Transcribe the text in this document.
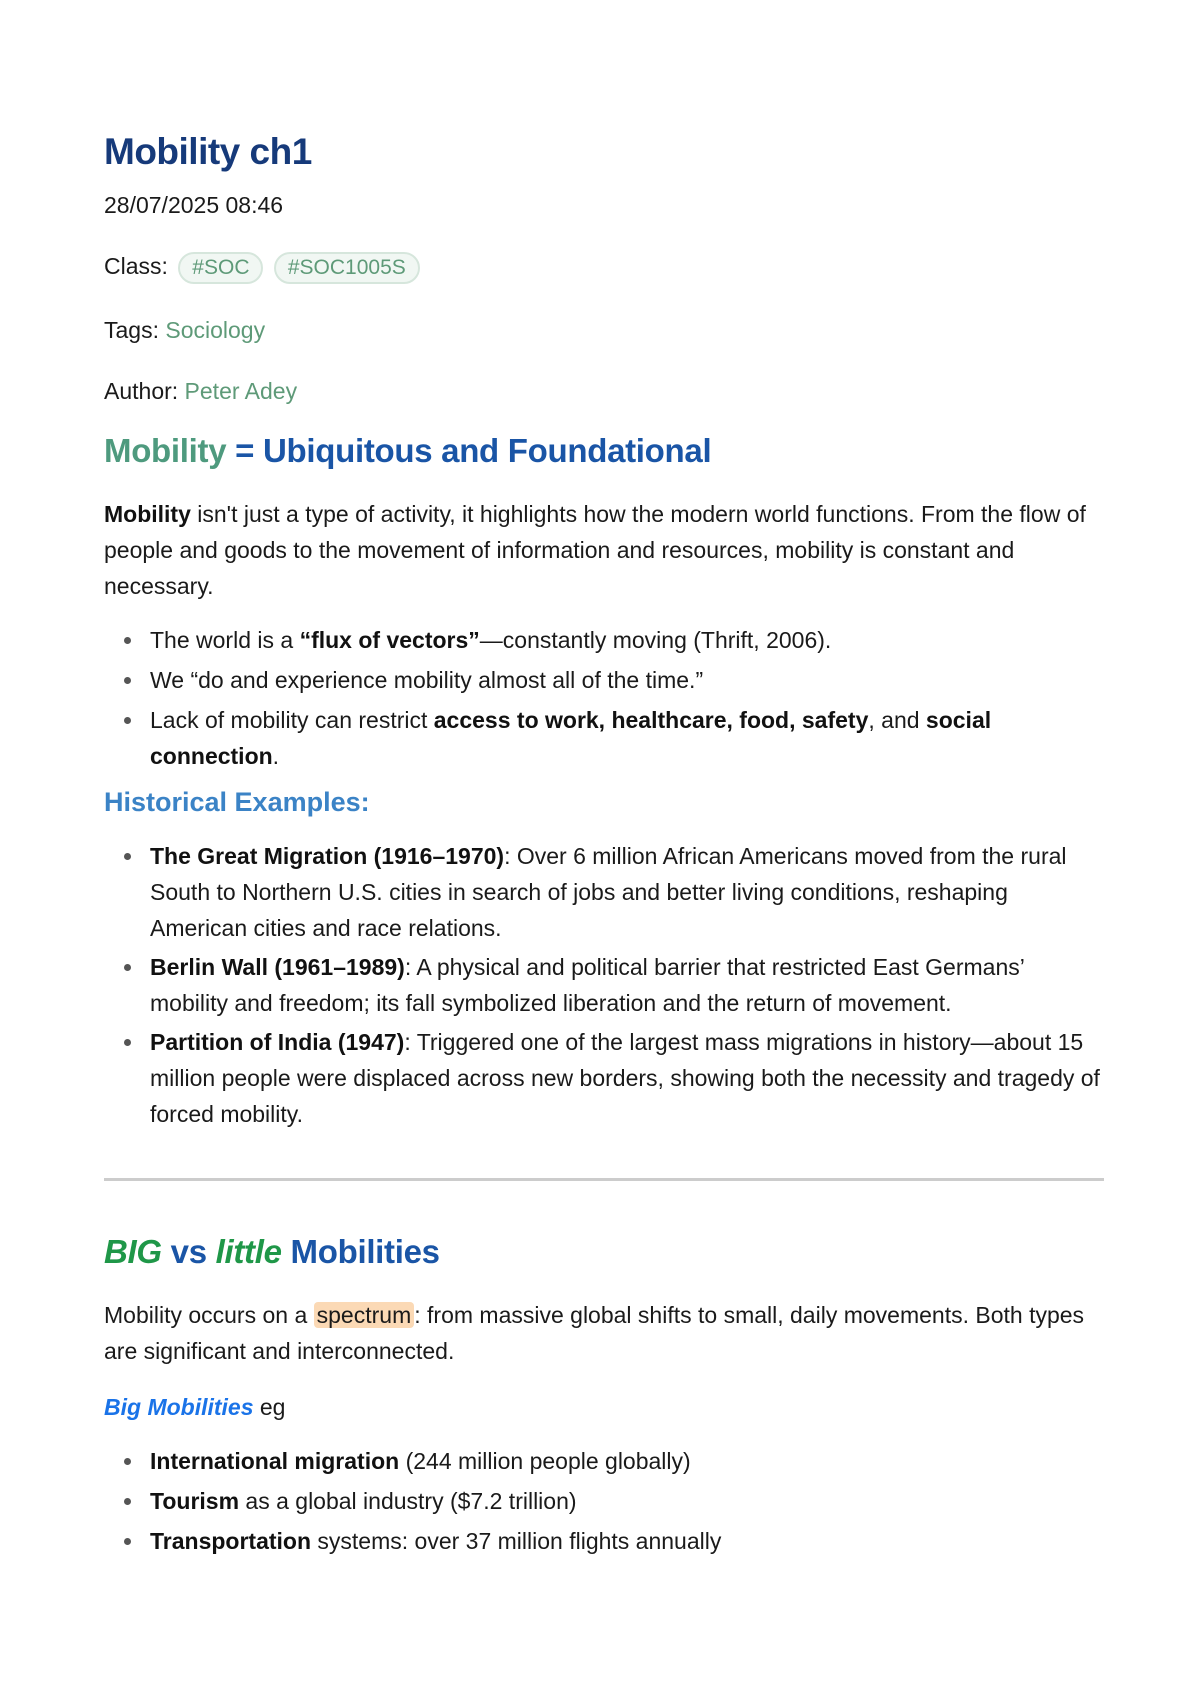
Mobility ch1
28/07/2025 08:46
Class: #SOC #SOC1005S
Tags: Sociology
Author: Peter Adey
Mobility = Ubiquitous and Foundational

Mobility isn't just a type of activity, it highlights how the modern world functions. From the flow of people and goods to the movement of information and resources, mobility is constant and necessary.

The world is a “flux of vectors”—constantly moving (Thrift, 2006).
We “do and experience mobility almost all of the time.”
Lack of mobility can restrict access to work, healthcare, food, safety, and social connection.
Historical Examples:
The Great Migration (1916–1970): Over 6 million African Americans moved from the rural South to Northern U.S. cities in search of jobs and better living conditions, reshaping American cities and race relations.
Berlin Wall (1961–1989): A physical and political barrier that restricted East Germans’ mobility and freedom; its fall symbolized liberation and the return of movement.
Partition of India (1947): Triggered one of the largest mass migrations in history—about 15 million people were displaced across new borders, showing both the necessity and tragedy of forced mobility.
BIG vs little Mobilities

Mobility occurs on a spectrum : from massive global shifts to small, daily movements. Both types are significant and interconnected.

Big Mobilities eg

International migration (244 million people globally)
Tourism as a global industry ($7.2 trillion)
Transportation systems: over 37 million flights annually
